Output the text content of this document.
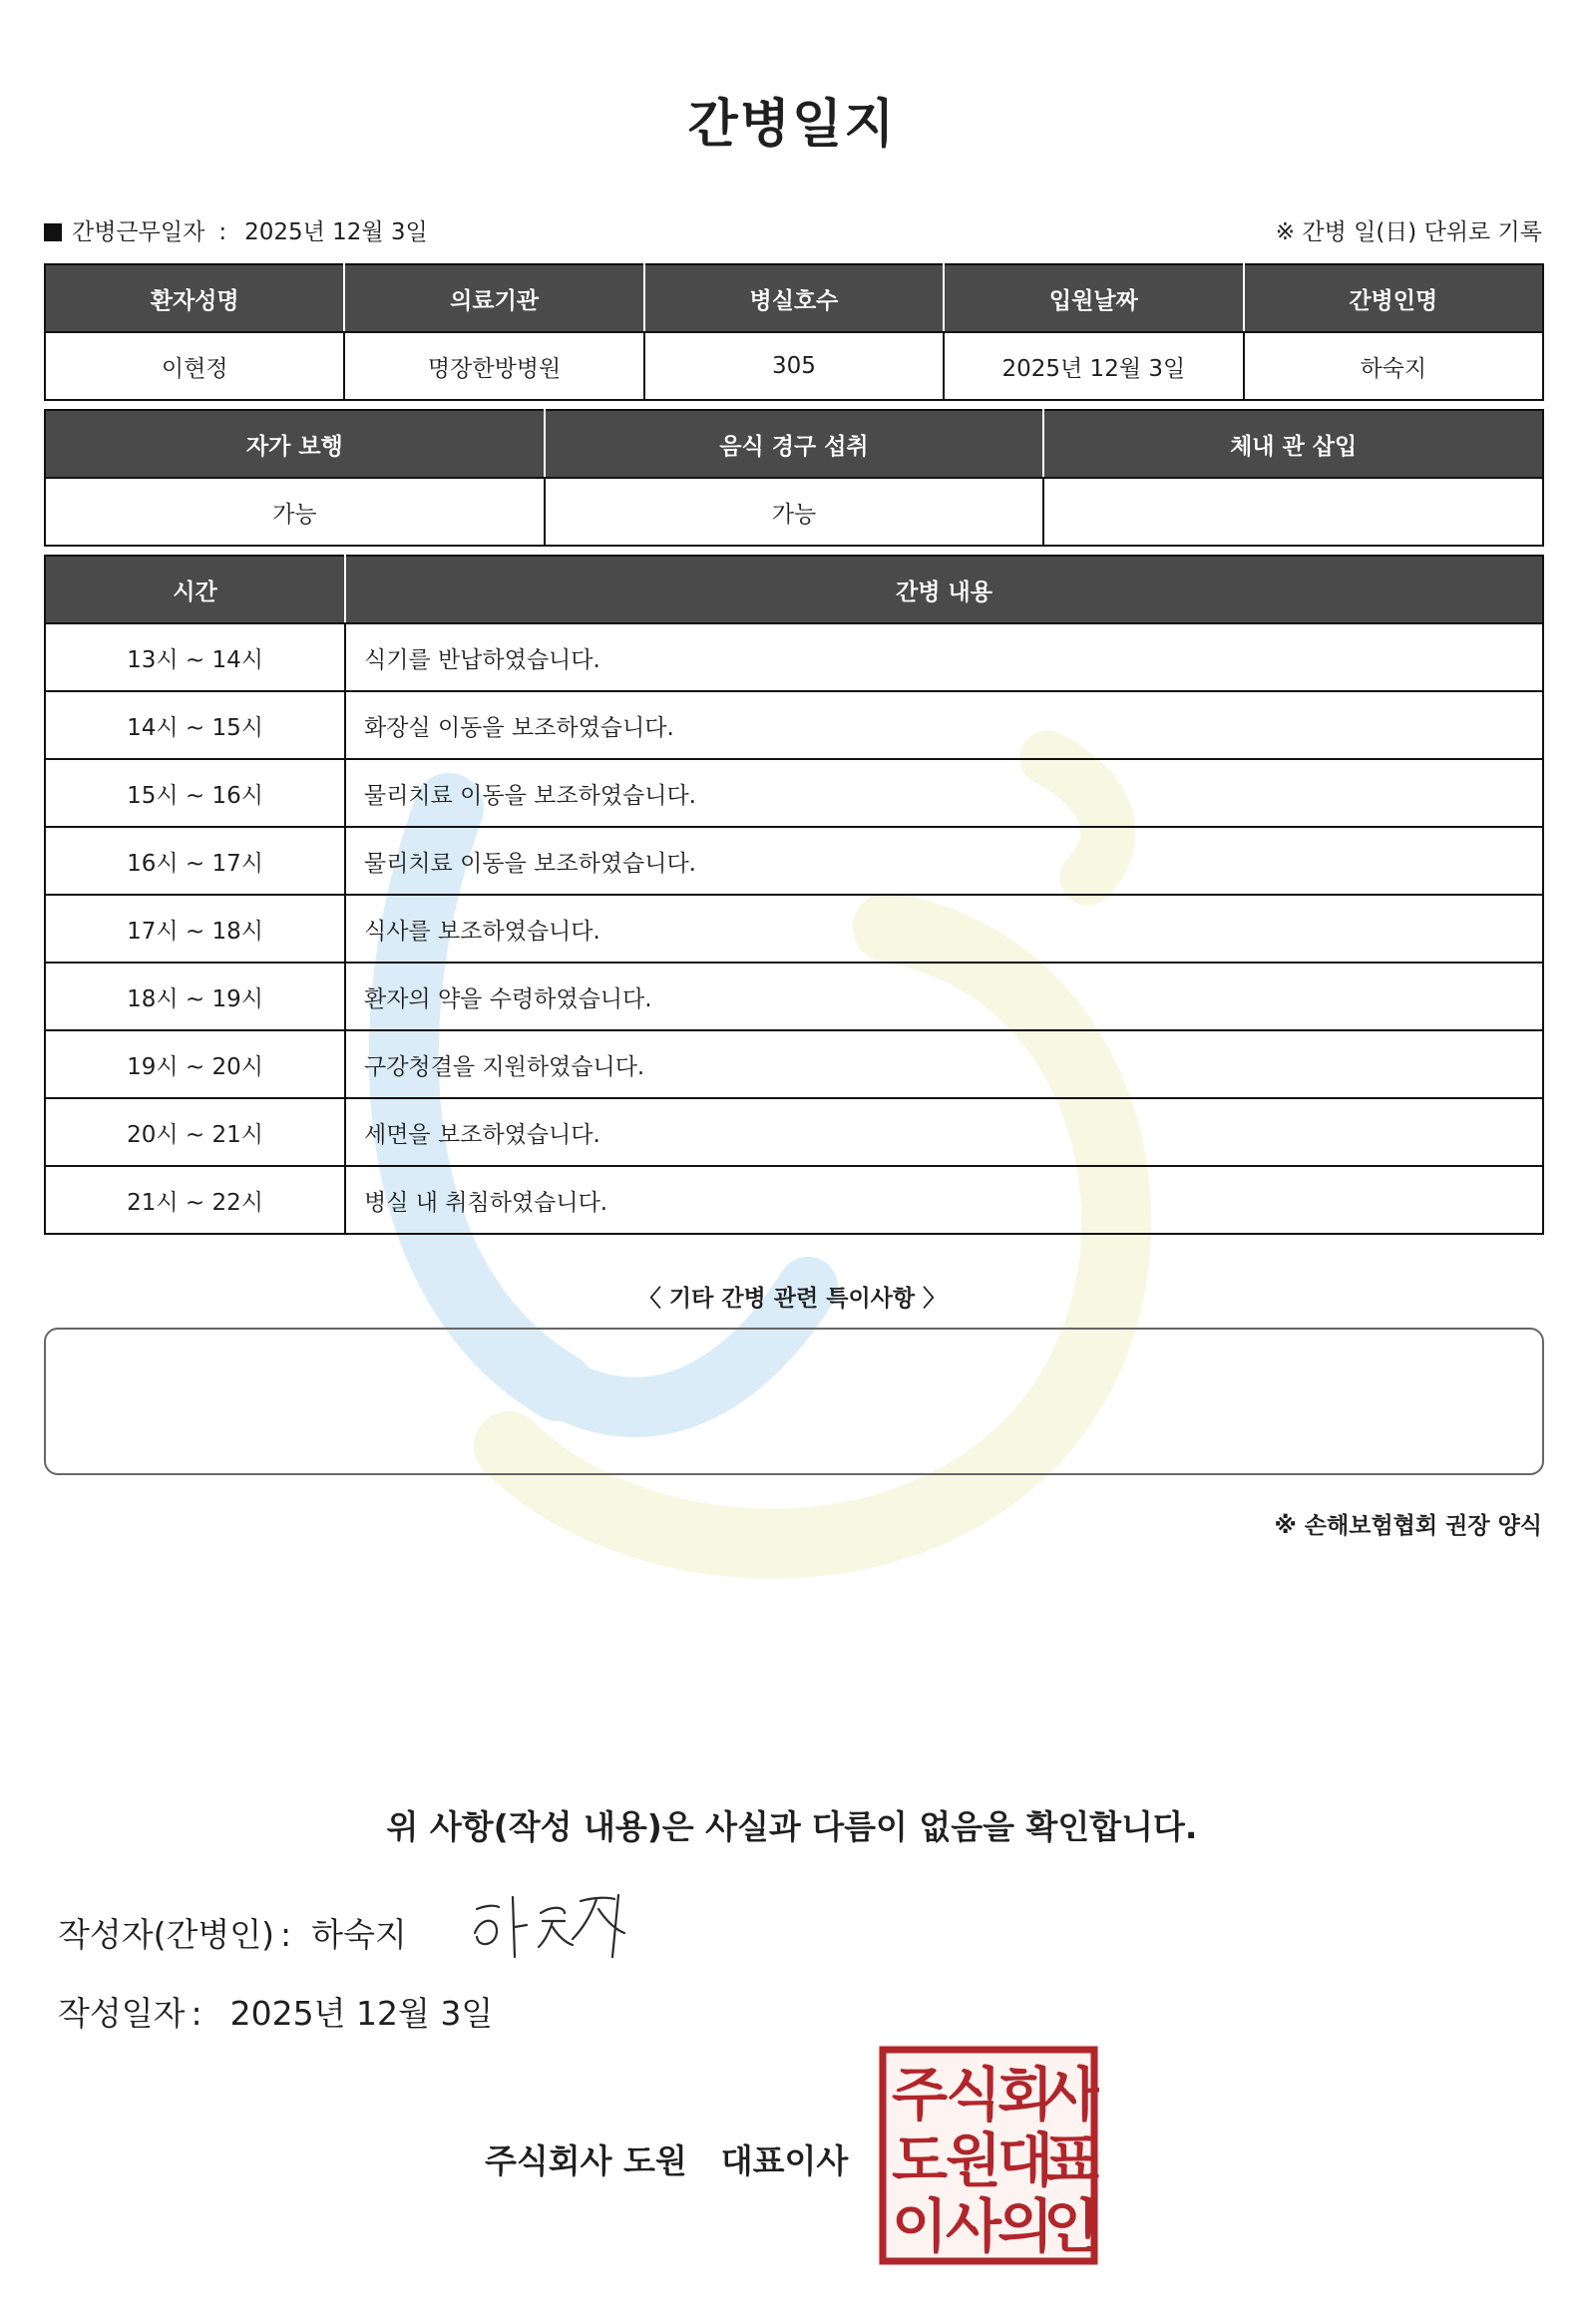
간병일지
간병근무일자 : 2025년 12월 3일	※ 간병 일(日) 단위로 기록
환자성명	의료기관	병실호수	입원날짜	간병인명
이현정	명장한방병원	305	2025년 12월 3일	하숙지
자가 보행	음식 경구 섭취	체내 관 삽입
가능	가능	
시간	간병 내용
13시 ~ 14시	식기를 반납하였습니다.
14시 ~ 15시	화장실 이동을 보조하였습니다.
15시 ~ 16시	물리치료 이동을 보조하였습니다.
16시 ~ 17시	물리치료 이동을 보조하였습니다.
17시 ~ 18시	식사를 보조하였습니다.
18시 ~ 19시	환자의 약을 수령하였습니다.
19시 ~ 20시	구강청결을 지원하였습니다.
20시 ~ 21시	세면을 보조하였습니다.
21시 ~ 22시	병실 내 취침하였습니다.
〈 기타 간병 관련 특이사항 〉
※ 손해보험협회 권장 양식
위 사항(작성 내용)은 사실과 다름이 없음을 확인합니다.
작성자(간병인) : 하숙지
작성일자 : 2025년 12월 3일
주식회사 도원 대표이사
주
식
회
사
도
원
대
표
이
사
의
인
